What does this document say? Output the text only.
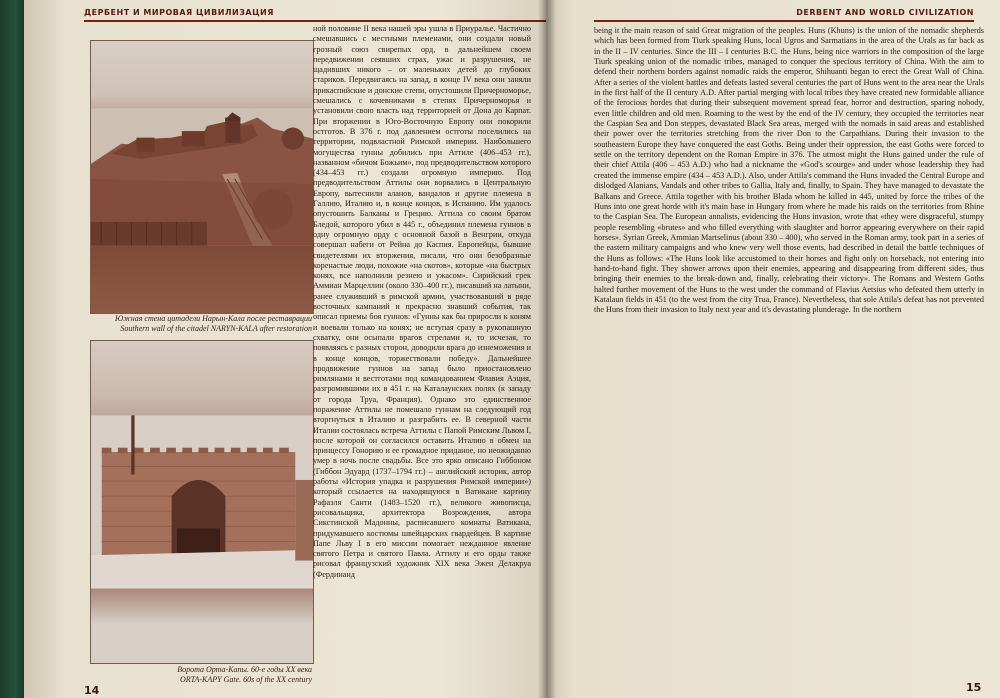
ДЕРБЕНТ И МИРОВАЯ ЦИВИЛИЗАЦИЯ
Южная стена цитадели Нарын-Кала после реставрации
Southern wall of the citadel NARYN-KALA after restoration
Ворота Орта-Капы. 60-е годы XX века
ORTA-KAPY Gate. 60s of the XX century
14
DERBENT AND WORLD CIVILIZATION
being it the main reason of said Great migration of the peoples. Huns (Khuns) is the union of the nomadic shepherds which has been formed from Tiurk speaking Huns, local Ugros and Sarmatians in the area of the Urals as far back as in the II – IV centuries. Since the III – I centuries B.C. the Huns, being nice warriors in the composition of the large Tiurk speaking union of the nomadic tribes, managed to conquer the specious territory of China. With the aim to defend their northern borders against nomadic raids the emperor, Shihuanti began to erect the Great Wall of China. After a series of the violent battles and defeats lasted several centuries the part of Huns went to the area near the Urals in the first half of the II century A.D. After partial merging with local tribes they have created new formidable alliance of the ferocious hordes that during their subsequent movement spread fear, horror and destruction, sparing nobody, even little children and old men. Roaming to the west by the end of the IV century, they occupied the territories near the Caspian Sea and Don steppes, devastated Black Sea areas, merged with the nomads in said areas and established their power over the territories stretching from the river Don to the Carpathians. During their invasion to the southeastern Europe they have conquered the east Goths. Being under their oppression, the east Goths were forced to settle on the territory dependent on the Roman Empire in 376. The utmost might the Huns gained under the rule of their chief Attila (406 – 453 A.D.) who had a nickname the «God's scourge» and under whose leadership they had created the immense empire (434 – 453 A.D.). Also, under Attila's command the Huns invaded the Central Europe and dislodged Alanians, Vandals and other tribes to Gallia, Italy and, finally, to Spain. They have managed to devastate the Balkans and Greece. Attila together with his brother Blada whom he killed in 445, united by force the tribes of the Huns into one great horde with it's main base in Hungary from where he made his raids on the territories from Rhine to the Caspian Sea. The European annalists, evidencing the Huns invasion, wrote that «they were disgraceful, stumpy people resembling «brutes» and who filled everything with slaughter and horror appearing everywhere on their rapid horses». Syrian Greek, Ammian Martselinus (about 330 – 400), who served in the Roman army, took part in a series of the eastern military campaigns and who knew very well those events, had described in detail the battle techniques of the Huns as follows: «The Huns look like accustomed to their horses and fight only on horseback, not entering into hand-to-hand fight. They shower arrows upon their enemies, appearing and disappearing from different sides, thus bringing their enemies to the break-down and, finally, celebrating their victory». The Romans and Western Goths halted further movement of the Huns to the west under the command of Flavius Aetsius who defeated them utterly in Katalaun fields in 451 (to the west from the city Trua, France). Nevertheless, that sole Attila's defeat has not prevented the Huns from their invasion to Italy next year and it's devastating plunderage. In the northern
15
ной половине II века нашей эры ушла в Приуралье. Частично смешавшись с местными племенами, они создали новый грозный союз свирепых орд, в дальнейшем своем передвижении сеявших страх, ужас и разрушения, не щадивших никого – от маленьких детей до глубоких стариков. Передвигаясь на запад, в конце IV века они заняли прикаспийские и донские степи, опустошили Причерноморье, смешались с кочевниками в степях Причерноморья и установили свою власть над территорией от Дона до Карпат. При вторжении в Юго-Восточную Европу они покорили остготов. В 376 г. под давлением остготы поселились на территории, подвластной Римской империи. Наибольшего могущества гунны добились при Аттиле (406–453 гг.), названном «бичом Божьим», под предводительством которого (434–453 гг.) создали огромную империю. Под предводительством Аттилы они ворвались в Центральную Европу, вытеснили аланов, вандалов и другие племена в Галлию, Италию и, в конце концов, в Испанию. Им удалось опустошить Балканы и Грецию. Аттила со своим братом Бледой, которого убил в 445 г., объединил племена гуннов в одну огромную орду с основной базой в Венгрии, откуда совершал набеги от Рейна до Каспия. Европейцы, бывшие свидетелями их вторжения, писали, что они безобразные коренастые люди, похожие «на скотов», которые «на быстрых конях, все наполнили резнею и ужасом». Сирийский грек Аммиан Марцеллин (около 330–400 гг.), писавший на латыни, ранее служивший в римской армии, участвовавший в ряде восточных кампаний и прекрасно знавший события, так описал приемы боя гуннов: «Гунны как бы приросли к коням и воевали только на конях; не вступая сразу в рукопашную схватку, они осыпали врагов стрелами и, то исчезая, то появляясь с разных сторон, доводили врага до изнеможения и в конце концов, торжествовали победу». Дальнейшее продвижение гуннов на запад было приостановлено римлянами и вестготами под командованием Флавия Аэция, разгромившими их в 451 г. на Каталаунских полях (к западу от города Труа, Франция). Однако это единственное поражение Аттилы не помешало гуннам на следующий год вторгнуться в Италию и разграбить ее. В северной части Италии состоялась встреча Аттилы с Папой Римским Львом I, после которой он согласился оставить Италию в обмен на принцессу Гонорию и ее громадное приданое, но неожиданно умер в ночь после свадьбы. Все это ярко описано Гиббоном (Гиббон Эдуард (1737–1794 гг.) – английский историк, автор работы «История упадка и разрушения Римской империи») который ссылается на находящуюся в Ватикане картину Рафаэля Санти (1483–1520 гг.), великого живописца, рисовальщика, архитектора Возрождения, автора Сикстинской Мадонны, расписавшего комнаты Ватикана, придумавшего костюмы швейцарских гвардейцев. В картине Папе Льву I в его миссии помогает нежданное явление святого Петра и святого Павла. Аттилу и его орды также рисовал французский художник XIX века Эжен Делакруа (Фердинанд
